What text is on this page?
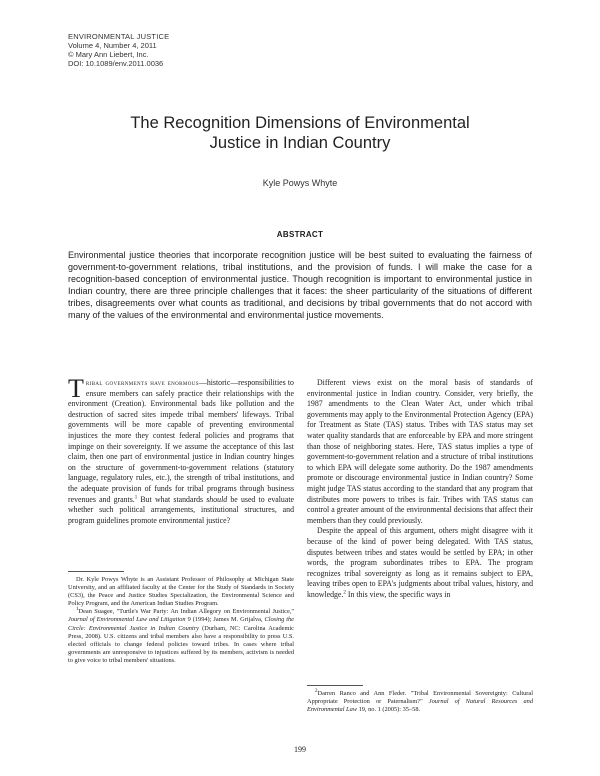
ENVIRONMENTAL JUSTICE
Volume 4, Number 4, 2011
© Mary Ann Liebert, Inc.
DOI: 10.1089/env.2011.0036
The Recognition Dimensions of Environmental
Justice in Indian Country
Kyle Powys Whyte
ABSTRACT
Environmental justice theories that incorporate recognition justice will be best suited to evaluating the fairness of government-to-government relations, tribal institutions, and the provision of funds. I will make the case for a recognition-based conception of environmental justice. Though recognition is important to environmental justice in Indian country, there are three principle challenges that it faces: the sheer particularity of the situations of different tribes, disagreements over what counts as traditional, and decisions by tribal governments that do not accord with many of the values of the environmental and environmental justice movements.

Tribal governments have enormous—historic—responsibilities to ensure members can safely practice their relationships with the environment (Creation). Environmental bads like pollution and the destruction of sacred sites impede tribal members' lifeways. Tribal governments will be more capable of preventing environmental injustices the more they contest federal policies and programs that impinge on their sovereignty. If we assume the acceptance of this last claim, then one part of environmental justice in Indian country hinges on the structure of government-to-government relations (statutory language, regulatory rules, etc.), the strength of tribal institutions, and the adequate provision of funds for tribal programs through business revenues and grants.$^1$ But what standards should be used to evaluate whether such political arrangements, institutional structures, and program guidelines promote environmental justice?

Different views exist on the moral basis of standards of environmental justice in Indian country. Consider, very briefly, the 1987 amendments to the Clean Water Act, under which tribal governments may apply to the Environmental Protection Agency (EPA) for Treatment as State (TAS) status. Tribes with TAS status may set water quality standards that are enforceable by EPA and more stringent than those of neighboring states. Here, TAS status implies a type of government-to-government relation and a structure of tribal institutions to which EPA will delegate some authority. Do the 1987 amendments promote or discourage environmental justice in Indian country? Some might judge TAS status according to the standard that any program that distributes more powers to tribes is fair. Tribes with TAS status can control a greater amount of the environmental decisions that affect their members than they could previously.

Despite the appeal of this argument, others might disagree with it because of the kind of power being delegated. With TAS status, disputes between tribes and states would be settled by EPA; in other words, the program subordinates tribes to EPA. The program recognizes tribal sovereignty as long as it remains subject to EPA, leaving tribes open to EPA's judgments about tribal values, history, and knowledge.$^2$ In this view, the specific ways in

Dr. Kyle Powys Whyte is an Assistant Professor of Philosophy at Michigan State University, and an affiliated faculty at the Center for the Study of Standards in Society (CS3), the Peace and Justice Studies Specialization, the Environmental Science and Policy Program, and the American Indian Studies Program.

$^1$Dean Suagee, "Turtle's War Party: An Indian Allegory on Environmental Justice," Journal of Environmental Law and Litigation 9 (1994); James M. Grijalva, Closing the Circle: Environmental Justice in Indian Country (Durham, NC: Carolina Academic Press, 2008). U.S. citizens and tribal members also have a responsibility to press U.S. elected officials to change federal policies toward tribes. In cases where tribal governments are unresponsive to injustices suffered by its members, activism is needed to give voice to tribal members' situations.

$^2$Darren Ranco and Ann Fleder. "Tribal Environmental Sovereignty: Cultural Appropriate Protection or Paternalism?" Journal of Natural Resources and Environmental Law 19, no. 1 (2005): 35–58.

199
